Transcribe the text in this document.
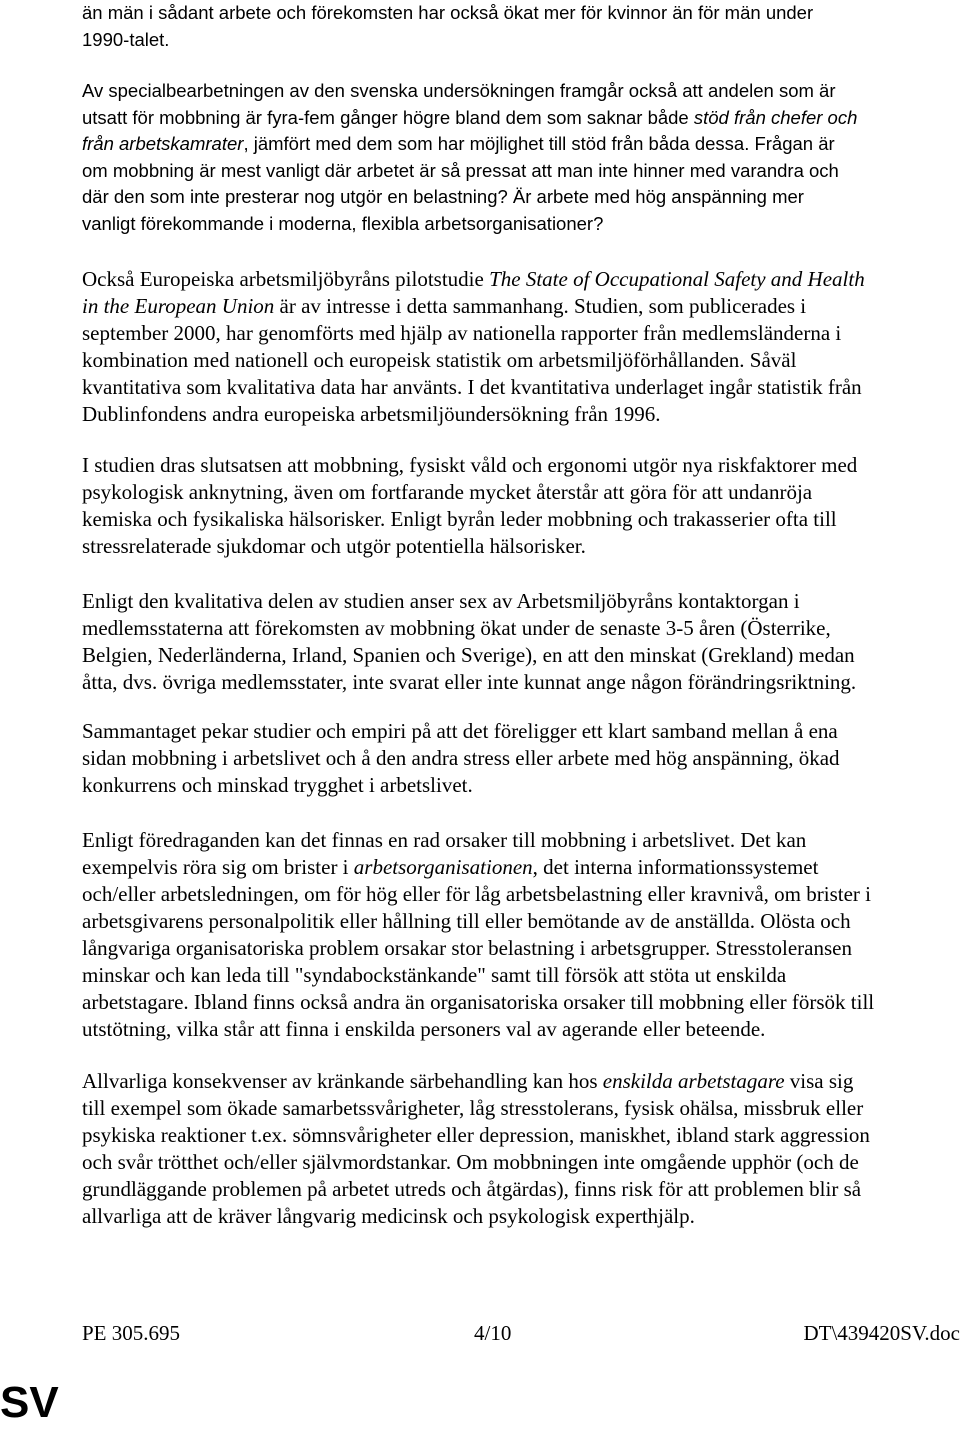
än män i sådant arbete och förekomsten har också ökat mer för kvinnor än för män under
1990-talet.

Av specialbearbetningen av den svenska undersökningen framgår också att andelen som är
utsatt för mobbning är fyra-fem gånger högre bland dem som saknar både stöd från chefer och
från arbetskamrater, jämfört med dem som har möjlighet till stöd från båda dessa. Frågan är
om mobbning är mest vanligt där arbetet är så pressat att man inte hinner med varandra och
där den som inte presterar nog utgör en belastning? Är arbete med hög anspänning mer
vanligt förekommande i moderna, flexibla arbetsorganisationer?

Också Europeiska arbetsmiljöbyråns pilotstudie The State of Occupational Safety and Health
in the European Union är av intresse i detta sammanhang. Studien, som publicerades i
september 2000, har genomförts med hjälp av nationella rapporter från medlemsländerna i
kombination med nationell och europeisk statistik om arbetsmiljöförhållanden. Såväl
kvantitativa som kvalitativa data har använts. I det kvantitativa underlaget ingår statistik från
Dublinfondens andra europeiska arbetsmiljöundersökning från 1996.

I studien dras slutsatsen att mobbning, fysiskt våld och ergonomi utgör nya riskfaktorer med
psykologisk anknytning, även om fortfarande mycket återstår att göra för att undanröja
kemiska och fysikaliska hälsorisker. Enligt byrån leder mobbning och trakasserier ofta till
stressrelaterade sjukdomar och utgör potentiella hälsorisker.

Enligt den kvalitativa delen av studien anser sex av Arbetsmiljöbyråns kontaktorgan i
medlemsstaterna att förekomsten av mobbning ökat under de senaste 3-5 åren (Österrike,
Belgien, Nederländerna, Irland, Spanien och Sverige), en att den minskat (Grekland) medan
åtta, dvs. övriga medlemsstater, inte svarat eller inte kunnat ange någon förändringsriktning.

Sammantaget pekar studier och empiri på att det föreligger ett klart samband mellan å ena
sidan mobbning i arbetslivet och å den andra stress eller arbete med hög anspänning, ökad
konkurrens och minskad trygghet i arbetslivet.

Enligt föredraganden kan det finnas en rad orsaker till mobbning i arbetslivet. Det kan
exempelvis röra sig om brister i arbetsorganisationen, det interna informationssystemet
och/eller arbetsledningen, om för hög eller för låg arbetsbelastning eller kravnivå, om brister i
arbetsgivarens personalpolitik eller hållning till eller bemötande av de anställda. Olösta och
långvariga organisatoriska problem orsakar stor belastning i arbetsgrupper. Stresstoleransen
minskar och kan leda till "syndabockstänkande" samt till försök att stöta ut enskilda
arbetstagare. Ibland finns också andra än organisatoriska orsaker till mobbning eller försök till
utstötning, vilka står att finna i enskilda personers val av agerande eller beteende.

Allvarliga konsekvenser av kränkande särbehandling kan hos enskilda arbetstagare visa sig
till exempel som ökade samarbetssvårigheter, låg stresstolerans, fysisk ohälsa, missbruk eller
psykiska reaktioner t.ex. sömnsvårigheter eller depression, maniskhet, ibland stark aggression
och svår trötthet och/eller självmordstankar. Om mobbningen inte omgående upphör (och de
grundläggande problemen på arbetet utreds och åtgärdas), finns risk för att problemen blir så
allvarliga att de kräver långvarig medicinsk och psykologisk experthjälp.

PE 305.695	4/10	DT\439420SV.doc
SV
